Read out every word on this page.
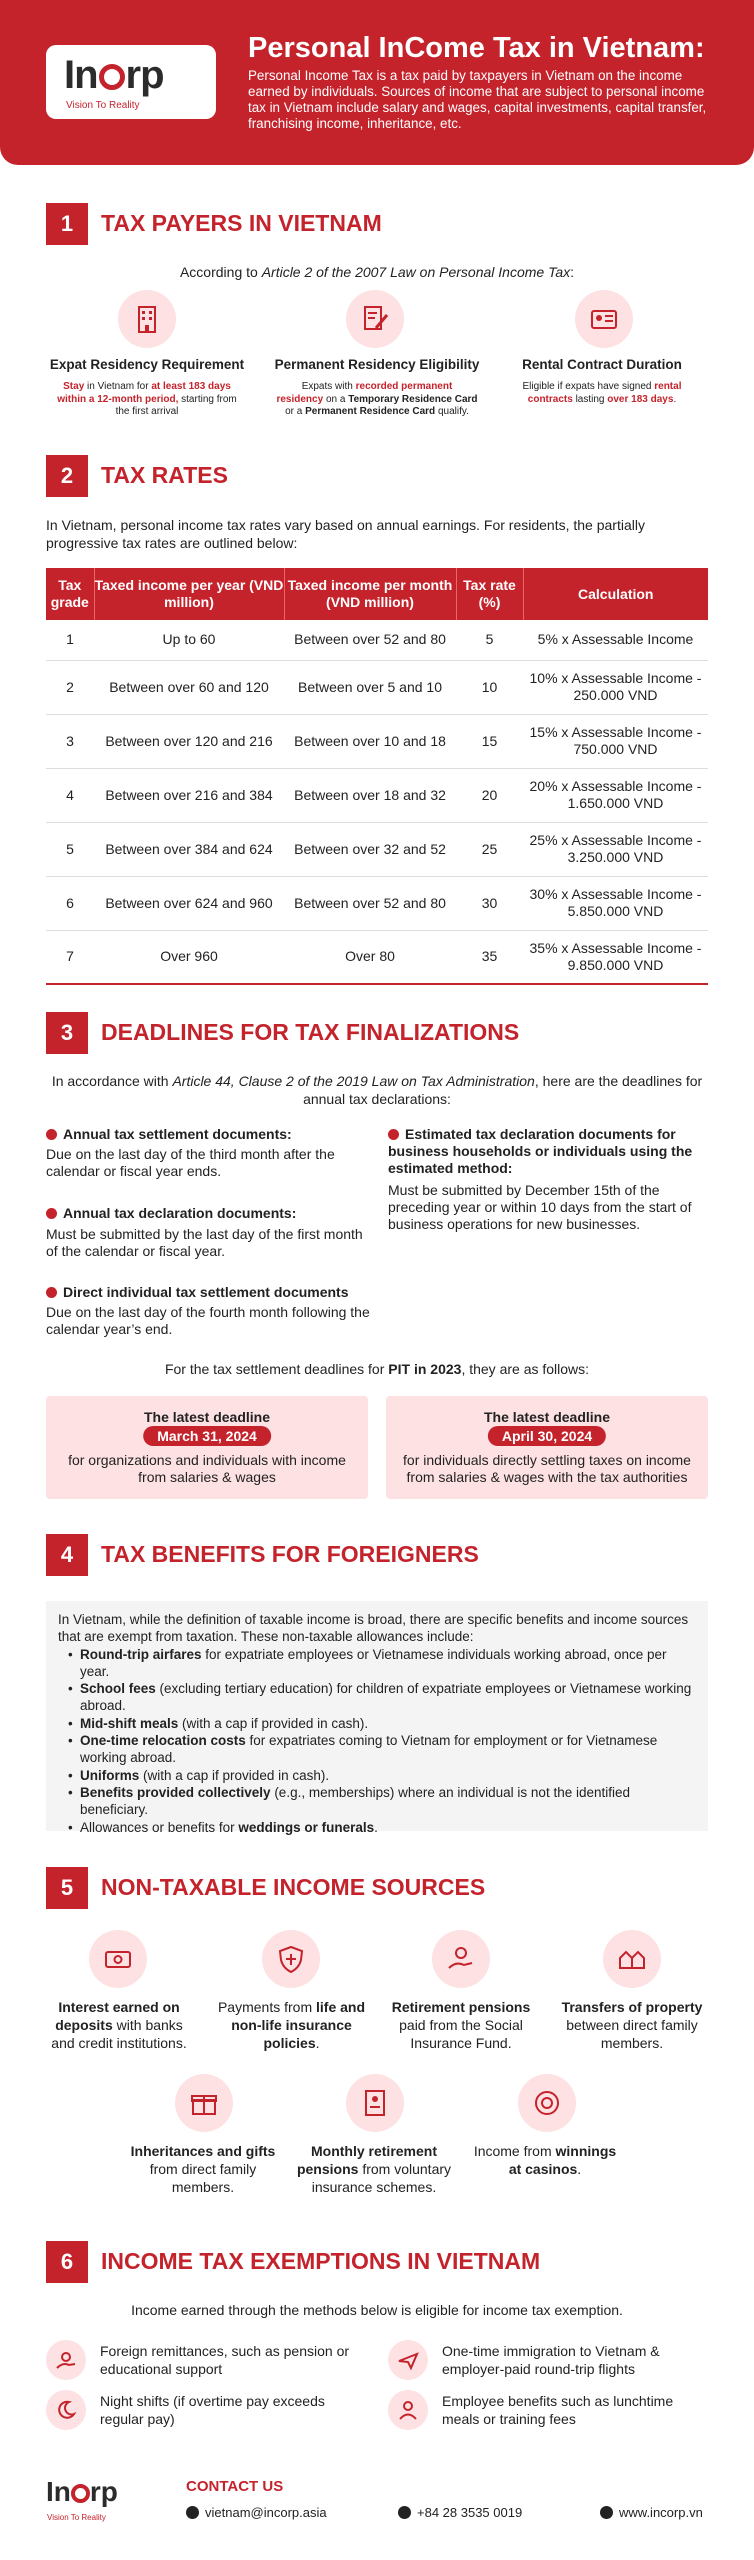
In rp
Vision To Reality
Personal InCome Tax in Vietnam:
Personal Income Tax is a tax paid by taxpayers in Vietnam on the income earned by individuals. Sources of income that are subject to personal income tax in Vietnam include salary and wages, capital investments, capital transfer, franchising income, inheritance, etc.
1	TAX PAYERS IN VIETNAM
According to Article 2 of the 2007 Law on Personal Income Tax:
Expat Residency Requirement
Stay in Vietnam for at least 183 days
within a 12-month period, starting from the first arrival
Permanent Residency Eligibility
Expats with recorded permanent
residency on a Temporary Residence Card
or a Permanent Residence Card qualify.
Rental Contract Duration
Eligible if expats have signed rental
contracts lasting over 183 days.
2	TAX RATES
In Vietnam, personal income tax rates vary based on annual earnings. For residents, the partially progressive tax rates are outlined below:
Tax grade	Taxed income per year (VND million)	Taxed income per month (VND million)	Tax rate (%)	Calculation
1	Up to 60	Between over 52 and 80	5	5% x Assessable Income
2	Between over 60 and 120	Between over 5 and 10	10	10% x Assessable Income - 250.000 VND
3	Between over 120 and 216	Between over 10 and 18	15	15% x Assessable Income - 750.000 VND
4	Between over 216 and 384	Between over 18 and 32	20	20% x Assessable Income - 1.650.000 VND
5	Between over 384 and 624	Between over 32 and 52	25	25% x Assessable Income - 3.250.000 VND
6	Between over 624 and 960	Between over 52 and 80	30	30% x Assessable Income - 5.850.000 VND
7	Over 960	Over 80	35	35% x Assessable Income - 9.850.000 VND
3	DEADLINES FOR TAX FINALIZATIONS
In accordance with Article 44, Clause 2 of the 2019 Law on Tax Administration, here are the deadlines for annual tax declarations:
Annual tax settlement documents:
Due on the last day of the third month after the calendar or fiscal year ends.
Annual tax declaration documents:
Must be submitted by the last day of the first month of the calendar or fiscal year.
Direct individual tax settlement documents
Due on the last day of the fourth month following the calendar year’s end.
Estimated tax declaration documents for business households or individuals using the estimated method:
Must be submitted by December 15th of the preceding year or within 10 days from the start of business operations for new businesses.
For the tax settlement deadlines for PIT in 2023, they are as follows:
The latest deadline
March 31, 2024
for organizations and individuals with income from salaries & wages
The latest deadline
April 30, 2024
for individuals directly settling taxes on income from salaries & wages with the tax authorities
4	TAX BENEFITS FOR FOREIGNERS
In Vietnam, while the definition of taxable income is broad, there are specific benefits and income sources that are exempt from taxation. These non-taxable allowances include:
• Round-trip airfares for expatriate employees or Vietnamese individuals working abroad, once per year.
• School fees (excluding tertiary education) for children of expatriate employees or Vietnamese working abroad.
• Mid-shift meals (with a cap if provided in cash).
• One-time relocation costs for expatriates coming to Vietnam for employment or for Vietnamese working abroad.
• Uniforms (with a cap if provided in cash).
• Benefits provided collectively (e.g., memberships) where an individual is not the identified beneficiary.
• Allowances or benefits for weddings or funerals.
5	NON-TAXABLE INCOME SOURCES
Interest earned on deposits with banks and credit institutions.
Payments from life and non-life insurance policies.
Retirement pensions paid from the Social Insurance Fund.
Transfers of property between direct family members.
Inheritances and gifts from direct family members.
Monthly retirement pensions from voluntary insurance schemes.
Income from winnings at casinos.
6	INCOME TAX EXEMPTIONS IN VIETNAM
Income earned through the methods below is eligible for income tax exemption.
Foreign remittances, such as pension or educational support
One-time immigration to Vietnam & employer-paid round-trip flights
Night shifts (if overtime pay exceeds regular pay)
Employee benefits such as lunchtime meals or training fees
In rp
Vision To Reality
CONTACT US
vietnam@incorp.asia	+84 28 3535 0019	www.incorp.vn
